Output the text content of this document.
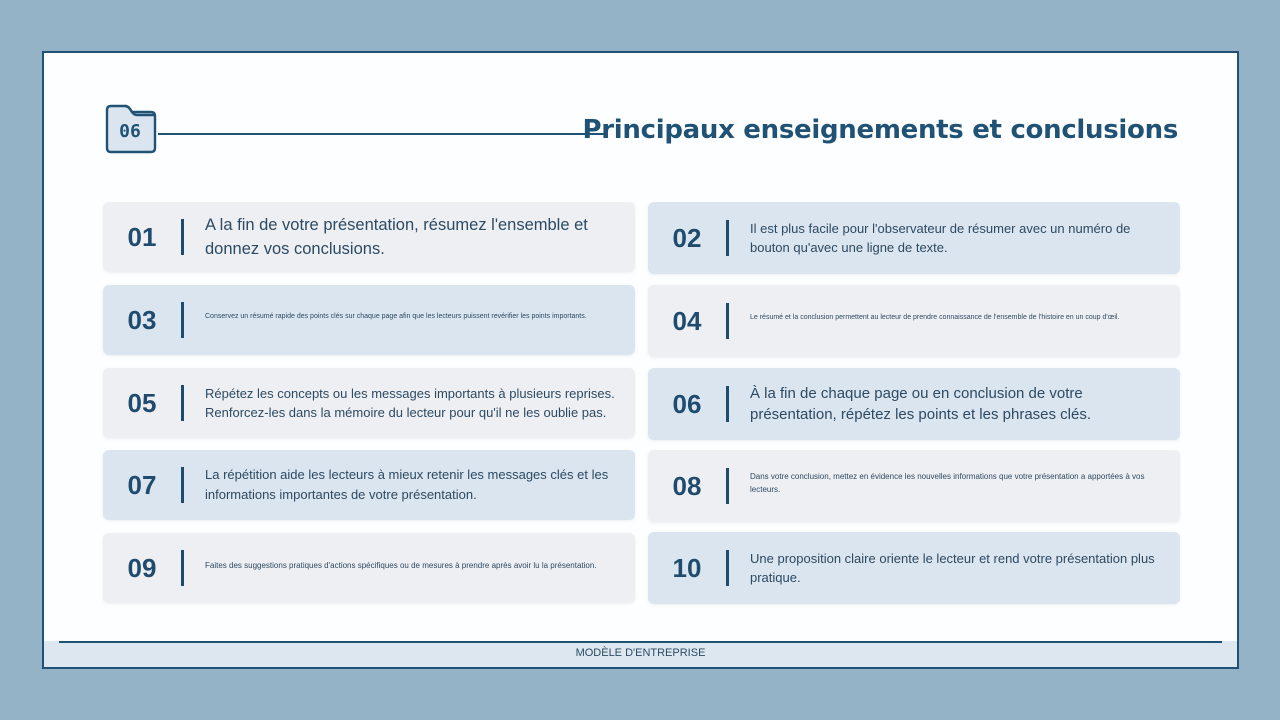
06	Principaux enseignements et conclusions
01	A la fin de votre présentation, résumez l'ensemble et donnez vos conclusions.	02	Il est plus facile pour l'observateur de résumer avec un numéro de bouton qu'avec une ligne de texte.
03	Conservez un résumé rapide des points clés sur chaque page afin que les lecteurs puissent revérifier les points importants.	04	Le résumé et la conclusion permettent au lecteur de prendre connaissance de l'ensemble de l'histoire en un coup d'œil.
05	Répétez les concepts ou les messages importants à plusieurs reprises. Renforcez-les dans la mémoire du lecteur pour qu'il ne les oublie pas.	06	À la fin de chaque page ou en conclusion de votre présentation, répétez les points et les phrases clés.
07	La répétition aide les lecteurs à mieux retenir les messages clés et les informations importantes de votre présentation.	08	Dans votre conclusion, mettez en évidence les nouvelles informations que votre présentation a apportées à vos lecteurs.
09	Faites des suggestions pratiques d'actions spécifiques ou de mesures à prendre après avoir lu la présentation.	10	Une proposition claire oriente le lecteur et rend votre présentation plus pratique.
MODÈLE D'ENTREPRISE
